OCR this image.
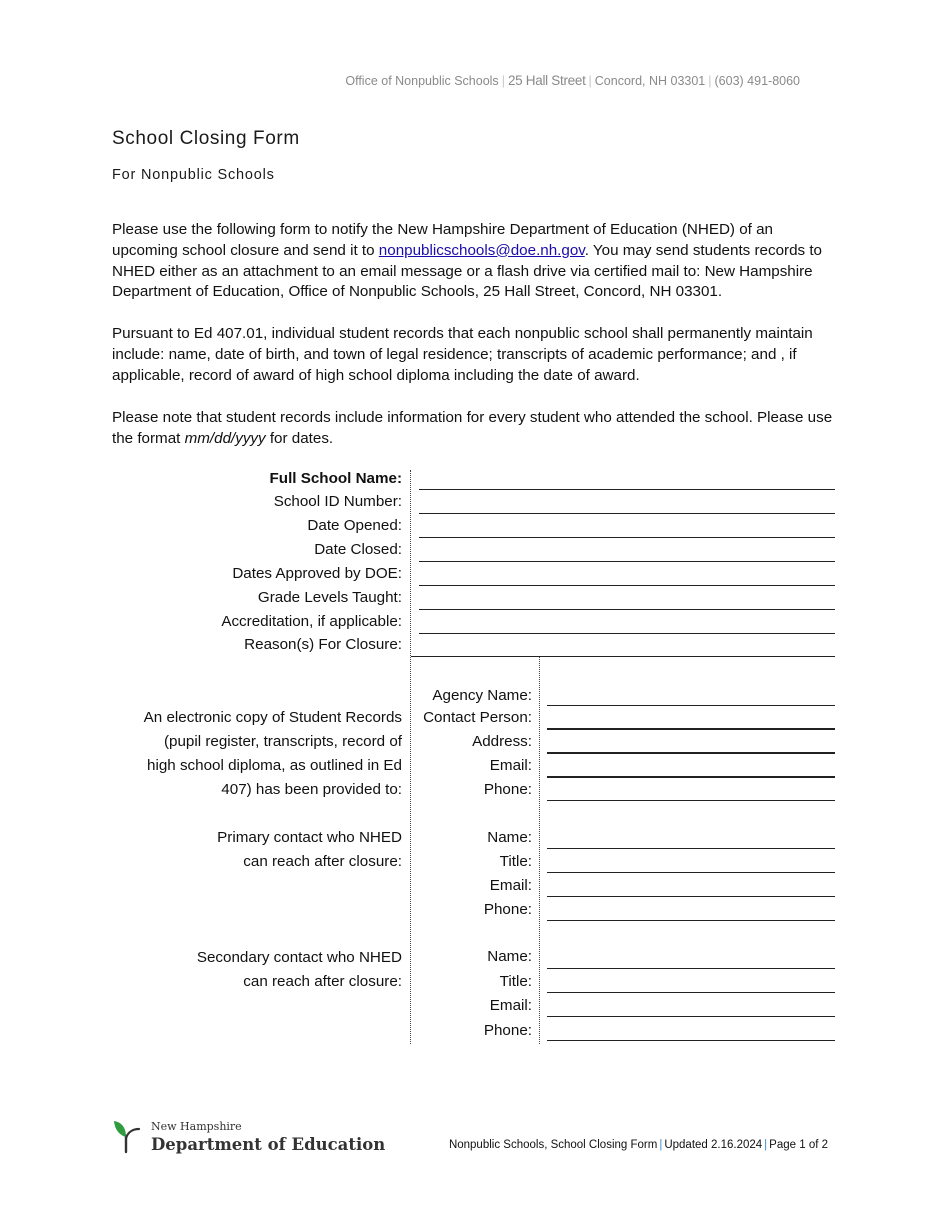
Office of Nonpublic Schools | 25 Hall Street | Concord, NH 03301 | (603) 491-8060
School Closing Form
For Nonpublic Schools
Please use the following form to notify the New Hampshire Department of Education (NHED) of an upcoming school closure and send it to nonpublicschools@doe.nh.gov. You may send students records to NHED either as an attachment to an email message or a flash drive via certified mail to: New Hampshire Department of Education, Office of Nonpublic Schools, 25 Hall Street, Concord, NH 03301.
Pursuant to Ed 407.01, individual student records that each nonpublic school shall permanently maintain include: name, date of birth, and town of legal residence; transcripts of academic performance; and , if applicable, record of award of high school diploma including the date of award.
Please note that student records include information for every student who attended the school. Please use the format mm/dd/yyyy for dates.
Full School Name:
School ID Number:
Date Opened:
Date Closed:
Dates Approved by DOE:
Grade Levels Taught:
Accreditation, if applicable:
Reason(s) For Closure:
An electronic copy of Student Records
(pupil register, transcripts, record of
high school diploma, as outlined in Ed
407) has been provided to:
Agency Name:
Contact Person:
Address:
Email:
Phone:
Primary contact who NHED
can reach after closure:
Name:
Title:
Email:
Phone:
Secondary contact who NHED
can reach after closure:
Name:
Title:
Email:
Phone:
New Hampshire
Department of Education	Nonpublic Schools, School Closing Form | Updated 2.16.2024 | Page 1 of 2
